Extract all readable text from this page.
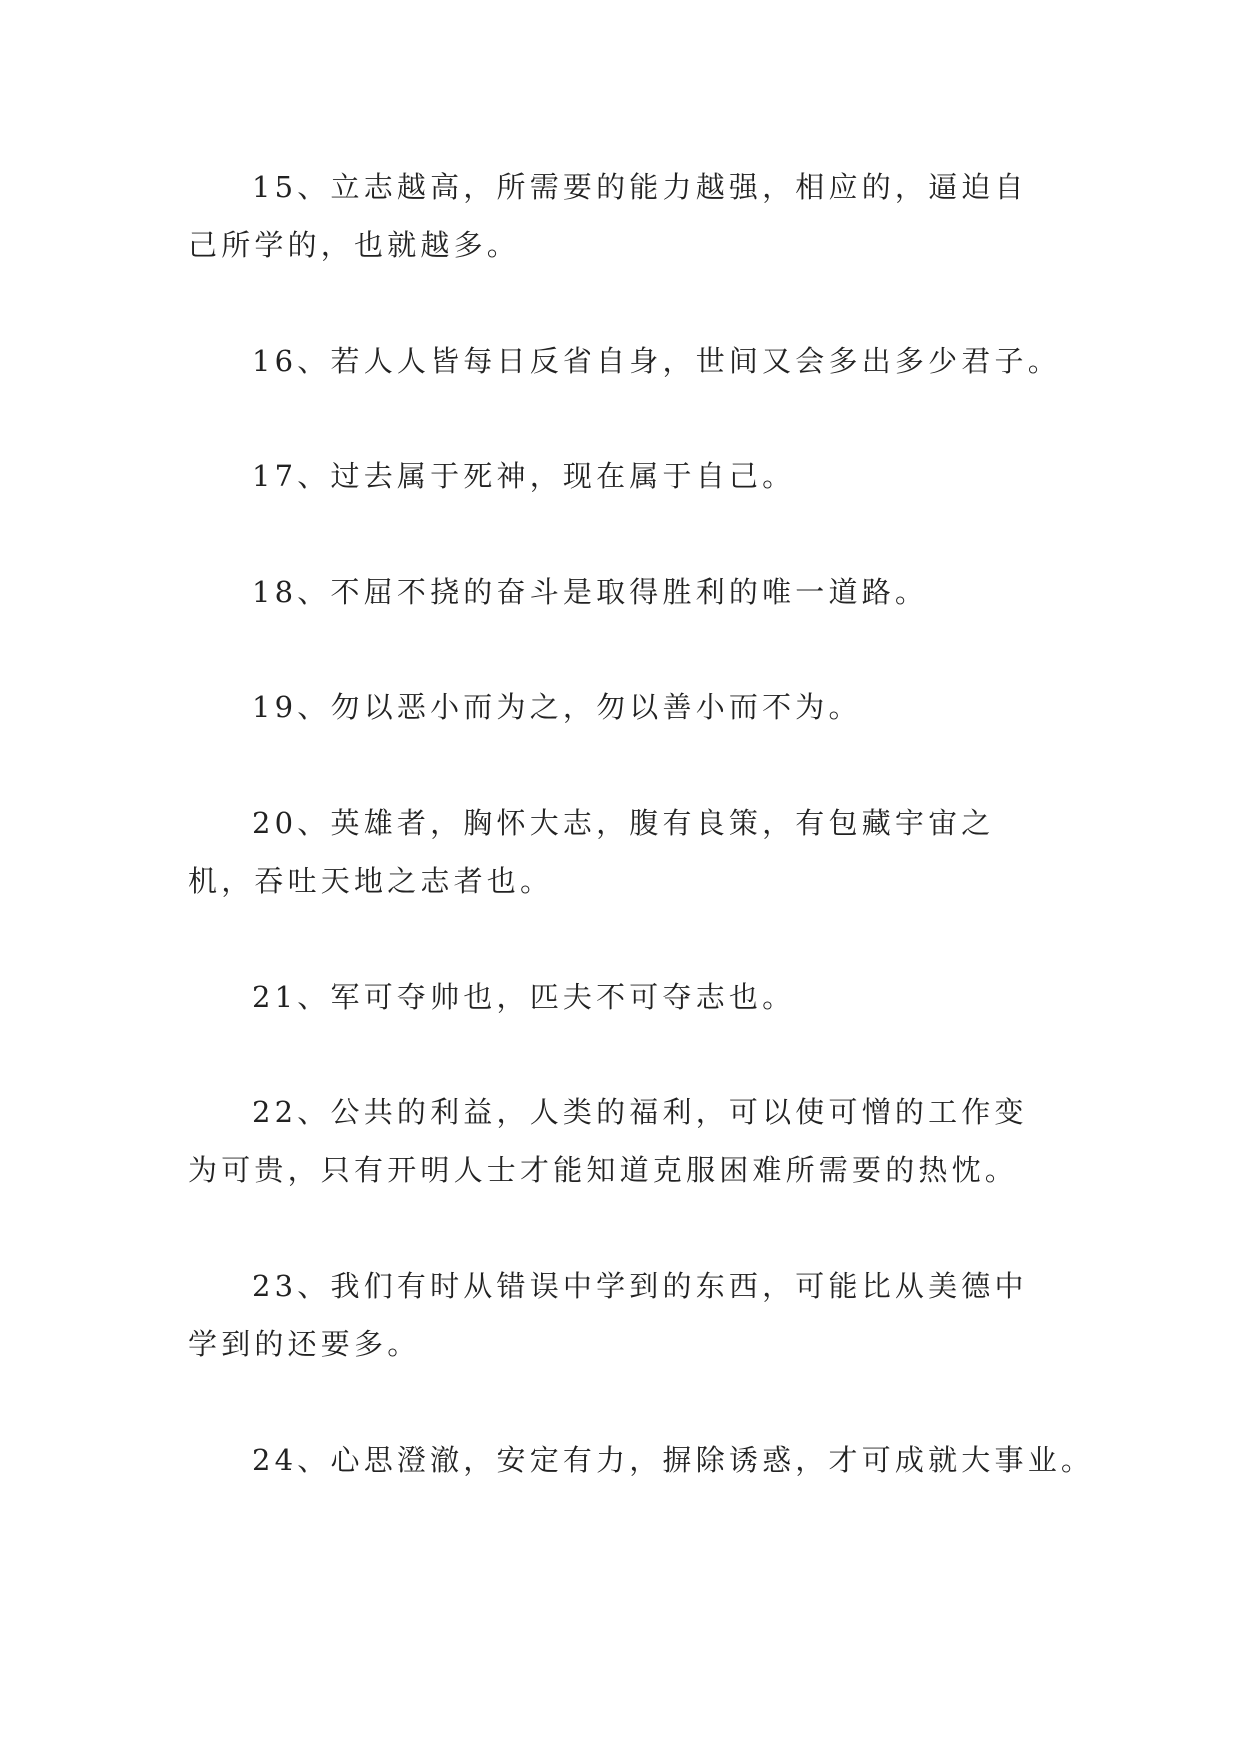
15、立志越高，所需要的能力越强，相应的，逼迫自己所学的，也就越多。

16、若人人皆每日反省自身，世间又会多出多少君子。

17、过去属于死神，现在属于自己。

18、不屈不挠的奋斗是取得胜利的唯一道路。

19、勿以恶小而为之，勿以善小而不为。

20、英雄者，胸怀大志，腹有良策，有包藏宇宙之机，吞吐天地之志者也。

21、军可夺帅也，匹夫不可夺志也。

22、公共的利益，人类的福利，可以使可憎的工作变为可贵，只有开明人士才能知道克服困难所需要的热忱。

23、我们有时从错误中学到的东西，可能比从美德中学到的还要多。

24、心思澄澈，安定有力，摒除诱惑，才可成就大事业。
